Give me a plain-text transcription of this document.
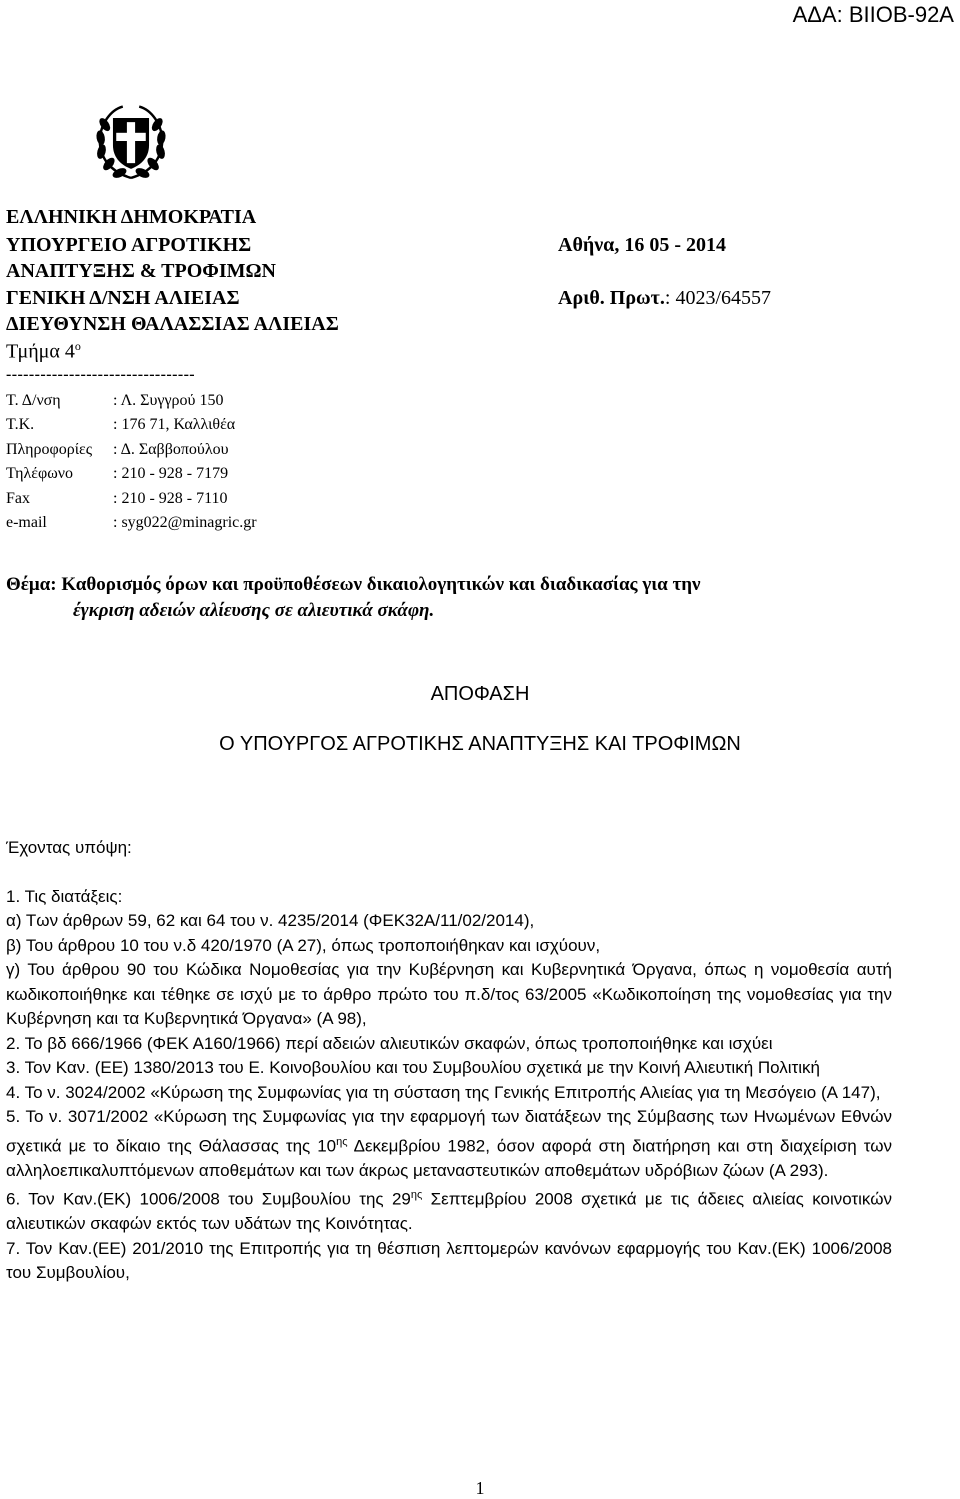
ΑΔΑ: ΒΙΙΟΒ-92Α
ΕΛΛΗΝΙΚΗ ΔΗΜΟΚΡΑΤΙΑ
ΥΠΟΥΡΓΕΙΟ ΑΓΡΟΤΙΚΗΣ
ΑΝΑΠΤΥΞΗΣ & ΤΡΟΦΙΜΩΝ
ΓΕΝΙΚΗ Δ/ΝΣΗ ΑΛΙΕΙΑΣ
ΔΙΕΥΘΥΝΣΗ ΘΑΛΑΣΣΙΑΣ ΑΛΙΕΙΑΣ
Τμήμα $4^o$
---------------------------------
Τ. Δ/νση	: Λ. Συγγρού 150
Τ.Κ.	: 176 71, Καλλιθέα
Πληροφορίες : Δ. Σαββοπούλου
Τηλέφωνο : 210 - 928 - 7179
Fax	: 210 - 928 - 7110
e-mail	: syg022@minagric.gr
Αθήνα, 16 05 - 2014
Αριθ. Πρωτ.: 4023/64557
Θέμα: Καθορισμός όρων και προϋποθέσεων δικαιολογητικών και διαδικασίας για την
έγκριση αδειών αλίευσης σε αλιευτικά σκάφη.
ΑΠΟΦΑΣΗ
Ο ΥΠΟΥΡΓΟΣ ΑΓΡΟΤΙΚΗΣ ΑΝΑΠΤΥΞΗΣ ΚΑΙ ΤΡΟΦΙΜΩΝ

Έχοντας υπόψη:

1. Τις διατάξεις:

α) Των άρθρων 59, 62 και 64 του ν. 4235/2014 (ΦΕΚ32Α/11/02/2014),

β) Του άρθρου 10 του ν.δ 420/1970 (Α 27), όπως τροποποιήθηκαν και ισχύουν,

γ) Του άρθρου 90 του Κώδικα Νομοθεσίας για την Κυβέρνηση και Κυβερνητικά Όργανα, όπως η νομοθεσία αυτή κωδικοποιήθηκε και τέθηκε σε ισχύ με το άρθρο πρώτο του π.δ/τος 63/2005 «Κωδικοποίηση της νομοθεσίας για την Κυβέρνηση και τα Κυβερνητικά Όργανα» (Α 98),

2. Το βδ 666/1966 (ΦΕΚ Α160/1966) περί αδειών αλιευτικών σκαφών, όπως τροποποιήθηκε και ισχύει

3. Τον Καν. (ΕΕ) 1380/2013 του Ε. Κοινοβουλίου και του Συμβουλίου σχετικά με την Κοινή Αλιευτική Πολιτική

4. Το ν. 3024/2002 «Κύρωση της Συμφωνίας για τη σύσταση της Γενικής Επιτροπής Αλιείας για τη Μεσόγειο (Α 147),

5. Το ν. 3071/2002 «Κύρωση της Συμφωνίας για την εφαρμογή των διατάξεων της Σύμβασης των Ηνωμένων Εθνών σχετικά με το δίκαιο της Θάλασσας της $10^{\eta\varsigma}$ Δεκεμβρίου 1982, όσον αφορά στη διατήρηση και στη διαχείριση των αλληλοεπικαλυπτόμενων αποθεμάτων και των άκρως μεταναστευτικών αποθεμάτων υδρόβιων ζώων (Α 293).

6. Τον Καν.(ΕΚ) 1006/2008 του Συμβουλίου της $29^{\eta\varsigma}$ Σεπτεμβρίου 2008 σχετικά με τις άδειες αλιείας κοινοτικών αλιευτικών σκαφών εκτός των υδάτων της Κοινότητας.

7. Τον Καν.(ΕΕ) 201/2010 της Επιτροπής για τη θέσπιση λεπτομερών κανόνων εφαρμογής του Καν.(ΕΚ) 1006/2008 του Συμβουλίου,

1
